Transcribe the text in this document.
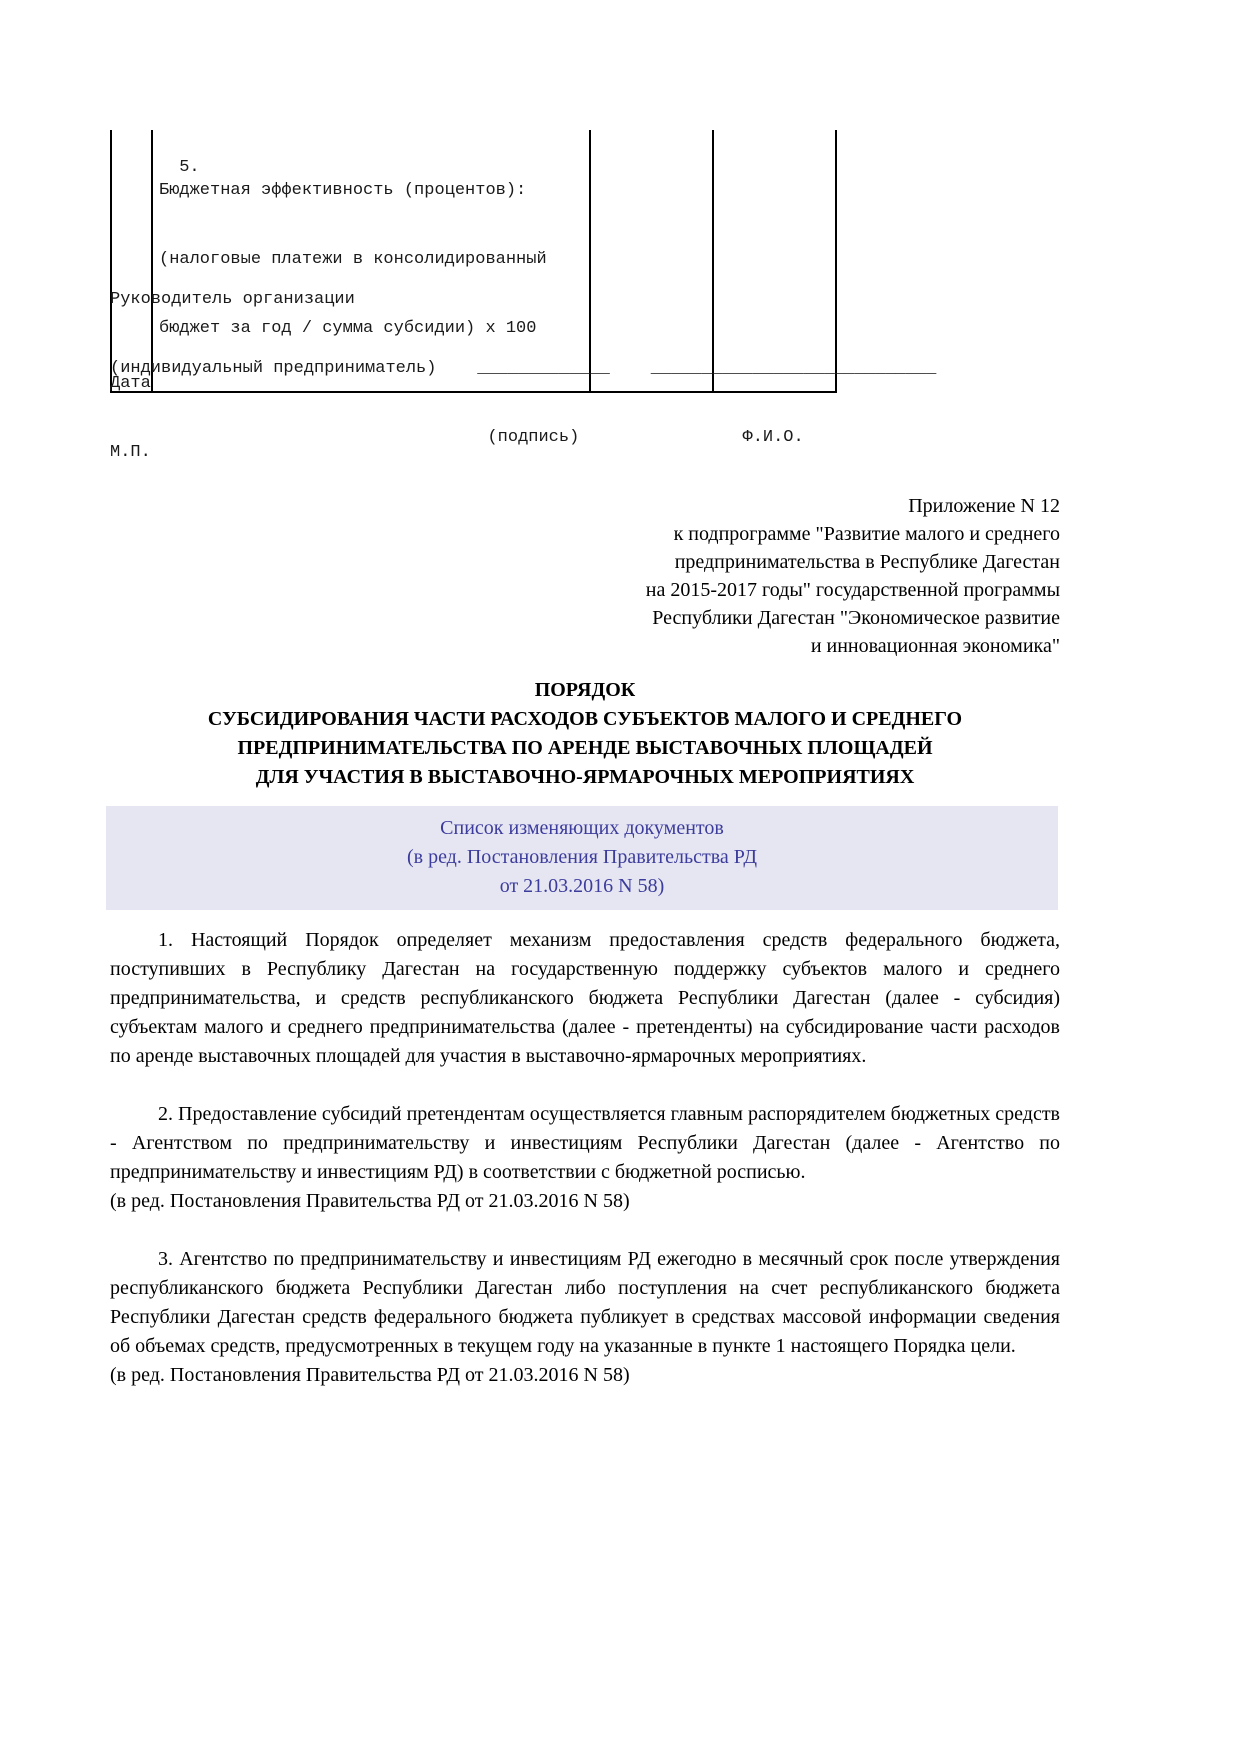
5.

Бюджетная эффективность (процентов):

(налоговые платежи в консолидированный

бюджет за год / сумма субсидии) х 100

Руководитель организации

(индивидуальный предприниматель)    _____________    ____________________________

(подпись)                Ф.И.О.

Дата

М.П.

Приложение N 12
к подпрограмме "Развитие малого и среднего
предпринимательства в Республике Дагестан
на 2015-2017 годы" государственной программы
Республики Дагестан "Экономическое развитие
и инновационная экономика"
ПОРЯДОК
СУБСИДИРОВАНИЯ ЧАСТИ РАСХОДОВ СУБЪЕКТОВ МАЛОГО И СРЕДНЕГО
ПРЕДПРИНИМАТЕЛЬСТВА ПО АРЕНДЕ ВЫСТАВОЧНЫХ ПЛОЩАДЕЙ
ДЛЯ УЧАСТИЯ В ВЫСТАВОЧНО-ЯРМАРОЧНЫХ МЕРОПРИЯТИЯХ
Список изменяющих документов
(в ред. Постановления Правительства РД
от 21.03.2016 N 58)

1. Настоящий Порядок определяет механизм предоставления средств федерального бюджета, поступивших в Республику Дагестан на государственную поддержку субъектов малого и среднего предпринимательства, и средств республиканского бюджета Республики Дагестан (далее - субсидия) субъектам малого и среднего предпринимательства (далее - претенденты) на субсидирование части расходов по аренде выставочных площадей для участия в выставочно-ярмарочных мероприятиях.

2. Предоставление субсидий претендентам осуществляется главным распорядителем бюджетных средств - Агентством по предпринимательству и инвестициям Республики Дагестан (далее - Агентство по предпринимательству и инвестициям РД) в соответствии с бюджетной росписью.

(в ред. Постановления Правительства РД от 21.03.2016 N 58)

3. Агентство по предпринимательству и инвестициям РД ежегодно в месячный срок после утверждения республиканского бюджета Республики Дагестан либо поступления на счет республиканского бюджета Республики Дагестан средств федерального бюджета публикует в средствах массовой информации сведения об объемах средств, предусмотренных в текущем году на указанные в пункте 1 настоящего Порядка цели.

(в ред. Постановления Правительства РД от 21.03.2016 N 58)
